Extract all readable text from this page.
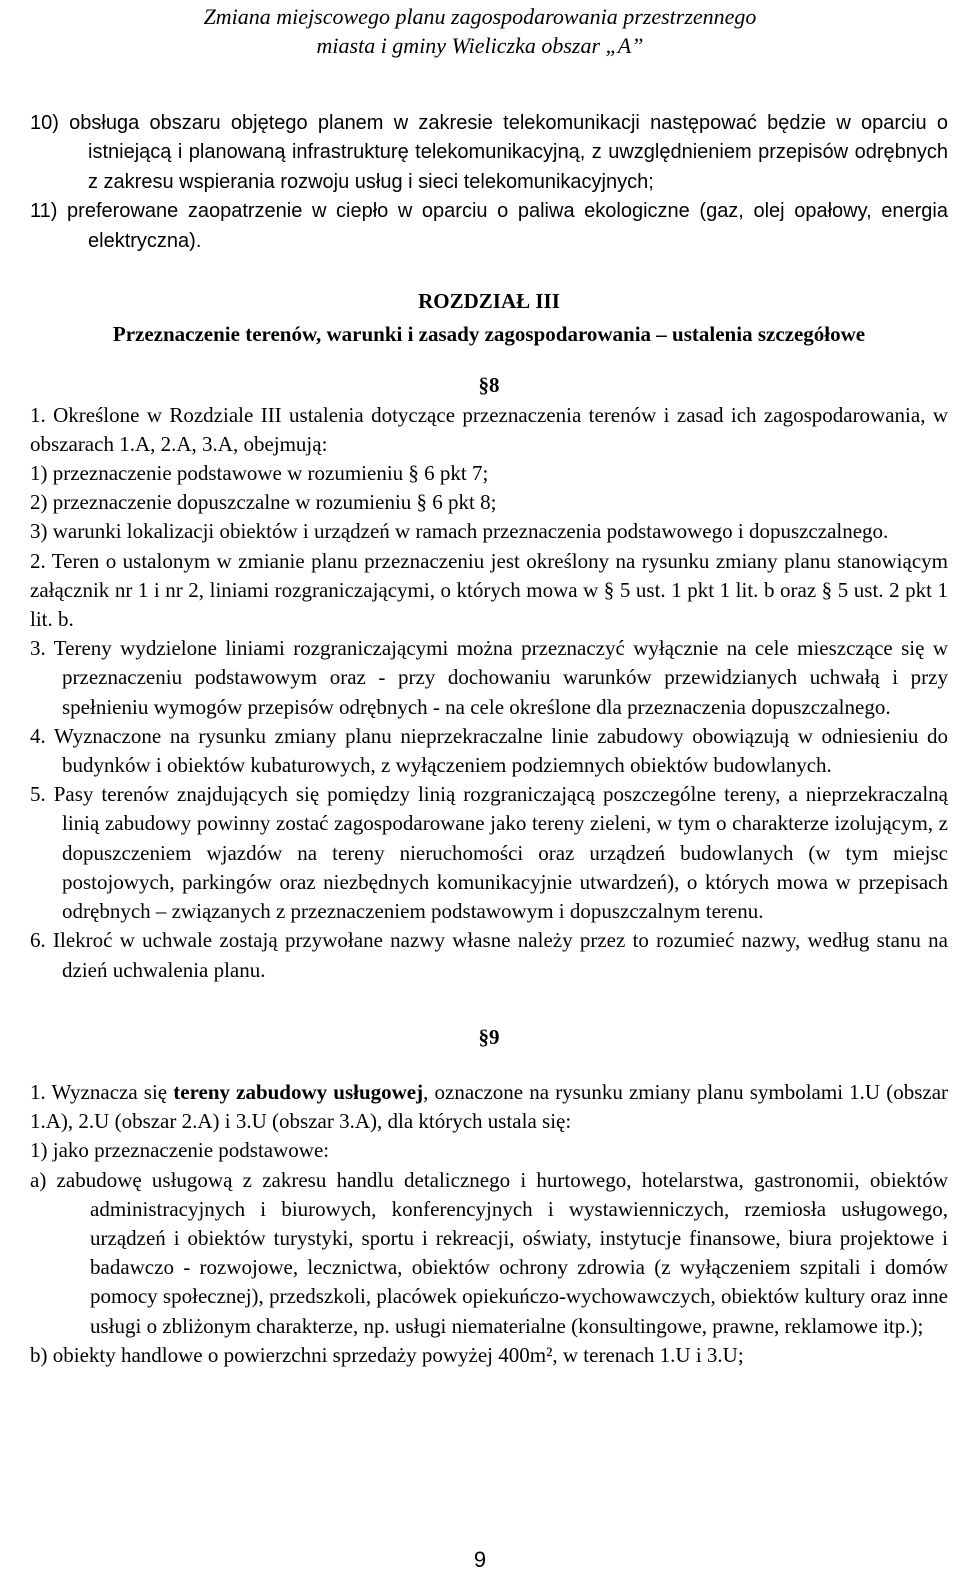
Zmiana miejscowego planu zagospodarowania przestrzennego
miasta i gminy Wieliczka obszar „A”

10) obsługa obszaru objętego planem w zakresie telekomunikacji następować będzie w oparciu o istniejącą i planowaną infrastrukturę telekomunikacyjną, z uwzględnieniem przepisów odrębnych z zakresu wspierania rozwoju usług i sieci telekomunikacyjnych;

11) preferowane zaopatrzenie w ciepło w oparciu o paliwa ekologiczne (gaz, olej opałowy, energia elektryczna).

ROZDZIAŁ III

Przeznaczenie terenów, warunki i zasady zagospodarowania – ustalenia szczegółowe

§8

1. Określone w Rozdziale III ustalenia dotyczące przeznaczenia terenów i zasad ich zagospodarowania, w obszarach 1.A, 2.A, 3.A, obejmują:

1) przeznaczenie podstawowe w rozumieniu § 6 pkt 7;

2) przeznaczenie dopuszczalne w rozumieniu § 6 pkt 8;

3) warunki lokalizacji obiektów i urządzeń w ramach przeznaczenia podstawowego i dopuszczalnego.

2. Teren o ustalonym w zmianie planu przeznaczeniu jest określony na rysunku zmiany planu stanowiącym załącznik nr 1 i nr 2, liniami rozgraniczającymi, o których mowa w § 5 ust. 1 pkt 1 lit. b oraz § 5 ust. 2 pkt 1 lit. b.

3. Tereny wydzielone liniami rozgraniczającymi można przeznaczyć wyłącznie na cele mieszczące się w przeznaczeniu podstawowym oraz - przy dochowaniu warunków przewidzianych uchwałą i przy spełnieniu wymogów przepisów odrębnych - na cele określone dla przeznaczenia dopuszczalnego.

4. Wyznaczone na rysunku zmiany planu nieprzekraczalne linie zabudowy obowiązują w odniesieniu do budynków i obiektów kubaturowych, z wyłączeniem podziemnych obiektów budowlanych.

5. Pasy terenów znajdujących się pomiędzy linią rozgraniczającą poszczególne tereny, a nieprzekraczalną linią zabudowy powinny zostać zagospodarowane jako tereny zieleni, w tym o charakterze izolującym, z dopuszczeniem wjazdów na tereny nieruchomości oraz urządzeń budowlanych (w tym miejsc postojowych, parkingów oraz niezbędnych komunikacyjnie utwardzeń), o których mowa w przepisach odrębnych – związanych z przeznaczeniem podstawowym i dopuszczalnym terenu.

6. Ilekroć w uchwale zostają przywołane nazwy własne należy przez to rozumieć nazwy, według stanu na dzień uchwalenia planu.

§9

1. Wyznacza się tereny zabudowy usługowej, oznaczone na rysunku zmiany planu symbolami 1.U (obszar 1.A), 2.U (obszar 2.A) i 3.U (obszar 3.A), dla których ustala się:

1) jako przeznaczenie podstawowe:

a) zabudowę usługową z zakresu handlu detalicznego i hurtowego, hotelarstwa, gastronomii, obiektów administracyjnych i biurowych, konferencyjnych i wystawienniczych, rzemiosła usługowego, urządzeń i obiektów turystyki, sportu i rekreacji, oświaty, instytucje finansowe, biura projektowe i badawczo - rozwojowe, lecznictwa, obiektów ochrony zdrowia (z wyłączeniem szpitali i domów pomocy społecznej), przedszkoli, placówek opiekuńczo-wychowawczych, obiektów kultury oraz inne usługi o zbliżonym charakterze, np. usługi niematerialne (konsultingowe, prawne, reklamowe itp.);

b) obiekty handlowe o powierzchni sprzedaży powyżej 400m², w terenach 1.U i 3.U;

9
